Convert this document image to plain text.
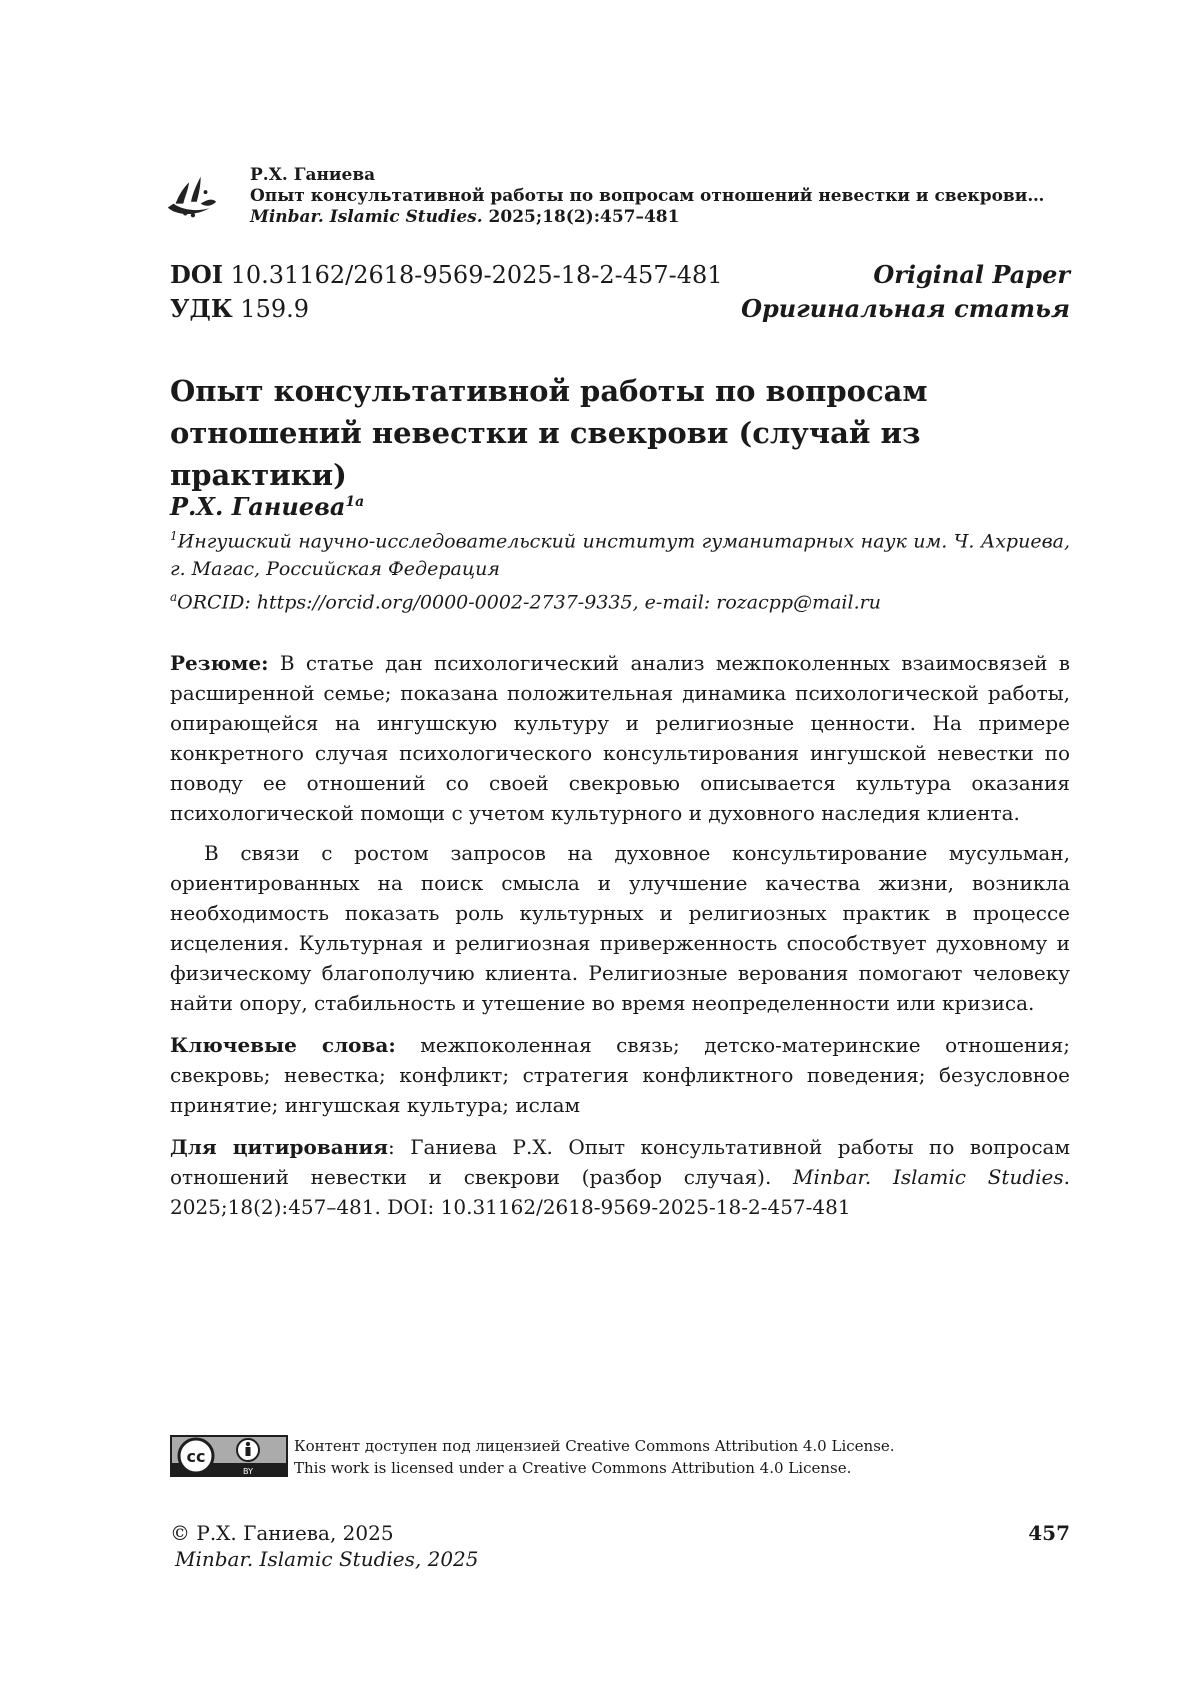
Р.Х. Ганиева
Опыт консультативной работы по вопросам отношений невестки и свекрови…
Minbar. Islamic Studies. 2025;18(2):457–481
DOI 10.31162/2618-9569-2025-18-2-457-481	Original Paper
УДК 159.9	Оригинальная статья
Опыт консультативной работы по вопросам отношений невестки и свекрови (случай из практики)
Р.Х. Ганиева1a
1Ингушский научно-исследовательский институт гуманитарных наук им. Ч. Ахриева, г. Магас, Российская Федерация
aORCID: https://orcid.org/0000-0002-2737-9335, e-mail: rozacpp@mail.ru

Резюме: В статье дан психологический анализ межпоколенных взаимосвязей в расширенной семье; показана положительная динамика психологической работы, опирающейся на ингушскую культуру и религиозные ценности. На примере конкретного случая психологического консультирования ингушской невестки по поводу ее отношений со своей свекровью описывается культура оказания психологической помощи с учетом культурного и духовного наследия клиента.

В связи с ростом запросов на духовное консультирование мусульман, ориентированных на поиск смысла и улучшение качества жизни, возникла необходимость показать роль культурных и религиозных практик в процессе исцеления. Культурная и религиозная приверженность способствует духовному и физическому благополучию клиента. Религиозные верования помогают человеку найти опору, стабильность и утешение во время неопределенности или кризиса.

Ключевые слова: межпоколенная связь; детско-материнские отношения; свекровь; невестка; конфликт; стратегия конфликтного поведения; безусловное принятие; ингушская культура; ислам

Для цитирования: Ганиева Р.Х. Опыт консультативной работы по вопросам отношений невестки и свекрови (разбор случая). Minbar. Islamic Studies. 2025;18(2):457–481. DOI: 10.31162/2618-9569-2025-18-2-457-481

cc
BY
Контент доступен под лицензией Creative Commons Attribution 4.0 License.
This work is licensed under a Creative Commons Attribution 4.0 License.
© Р.Х. Ганиева, 2025
Minbar. Islamic Studies, 2025
457
